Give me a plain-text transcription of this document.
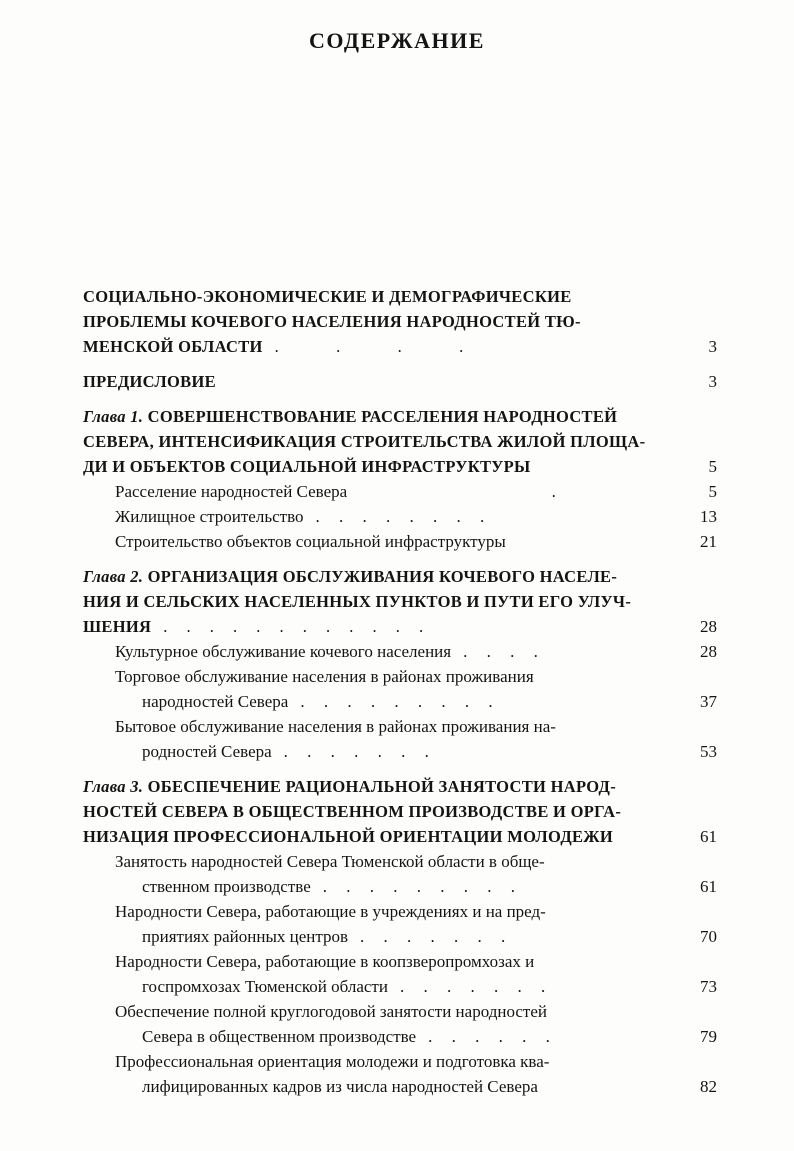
СОДЕРЖАНИЕ
СОЦИАЛЬНО-ЭКОНОМИЧЕСКИЕ И ДЕМОГРАФИЧЕСКИЕ
ПРОБЛЕМЫ КОЧЕВОГО НАСЕЛЕНИЯ НАРОДНОСТЕЙ ТЮ-
МЕНСКОЙ ОБЛАСТИ .   .   .   .	3
ПРЕДИСЛОВИЕ	3
Глава 1. СОВЕРШЕНСТВОВАНИЕ РАССЕЛЕНИЯ НАРОДНОСТЕЙ
СЕВЕРА, ИНТЕНСИФИКАЦИЯ СТРОИТЕЛЬСТВА ЖИЛОЙ ПЛОЩА-
ДИ И ОБЪЕКТОВ СОЦИАЛЬНОЙ ИНФРАСТРУКТУРЫ	5
Расселение народностей Севера          .	5
Жилищное строительство . . . . . . . .	13
Строительство объектов социальной инфраструктуры	21
Глава 2. ОРГАНИЗАЦИЯ ОБСЛУЖИВАНИЯ КОЧЕВОГО НАСЕЛЕ-
НИЯ И СЕЛЬСКИХ НАСЕЛЕННЫХ ПУНКТОВ И ПУТИ ЕГО УЛУЧ-
ШЕНИЯ . . . . . . . . . . . .	28
Культурное обслуживание кочевого населения . . . .	28
Торговое обслуживание населения в районах проживания
народностей Севера . . . . . . . . .	37
Бытовое обслуживание населения в районах проживания на-
родностей Севера . . . . . . .	53
Глава 3. ОБЕСПЕЧЕНИЕ РАЦИОНАЛЬНОЙ ЗАНЯТОСТИ НАРОД-
НОСТЕЙ СЕВЕРА В ОБЩЕСТВЕННОМ ПРОИЗВОДСТВЕ И ОРГА-
НИЗАЦИЯ ПРОФЕССИОНАЛЬНОЙ ОРИЕНТАЦИИ МОЛОДЕЖИ	61
Занятость народностей Севера Тюменской области в обще-
ственном производстве . . . . . . . . .	61
Народности Севера, работающие в учреждениях и на пред-
приятиях районных центров . . . . . . .	70
Народности Севера, работающие в коопзверопромхозах и
госпромхозах Тюменской области . . . . . . .	73
Обеспечение полной круглогодовой занятости народностей
Севера в общественном производстве . . . . . .	79
Профессиональная ориентация молодежи и подготовка ква-
лифицированных кадров из числа народностей Севера	82
